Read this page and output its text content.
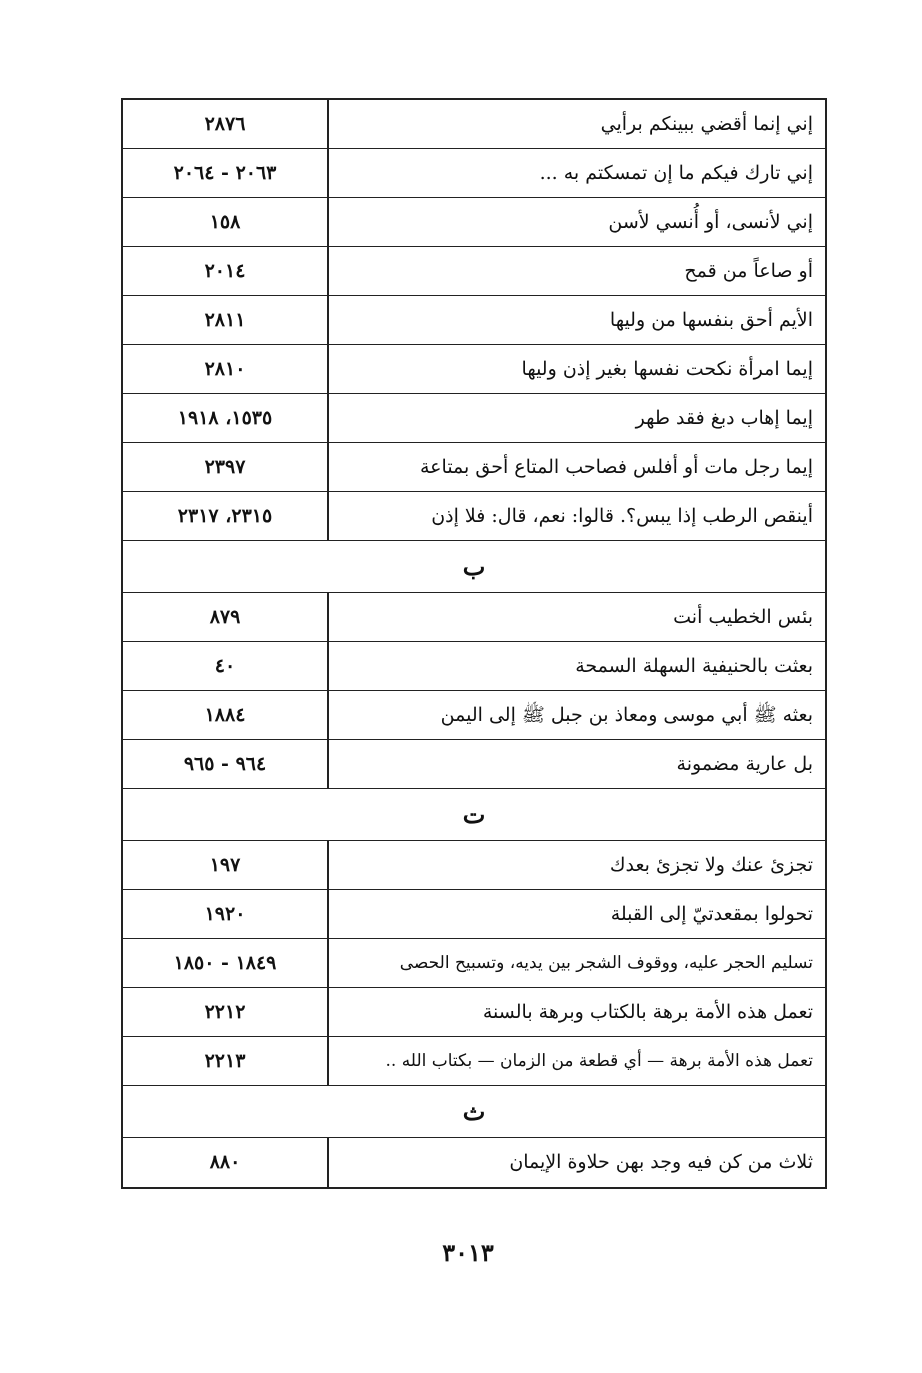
إني إنما أقضي ببينكم برأيي
٢٨٧٦
إني تارك فيكم ما إن تمسكتم به ...
٢٠٦٣ - ٢٠٦٤
إني لأنسى، أو أُنسي لأسن
١٥٨
أو صاعاً من قمح
٢٠١٤
الأيم أحق بنفسها من وليها
٢٨١١
إيما امرأة نكحت نفسها بغير إذن وليها
٢٨١٠
إيما إهاب دبغ فقد طهر
١٥٣٥، ١٩١٨
إيما رجل مات أو أفلس فصاحب المتاع أحق بمتاعة
٢٣٩٧
أينقص الرطب إذا يبس؟. قالوا: نعم، قال: فلا إذن
٢٣١٥، ٢٣١٧
ب
بئس الخطيب أنت
٨٧٩
بعثت بالحنيفية السهلة السمحة
٤٠
بعثه ﷺ أبي موسى ومعاذ بن جبل ﷺ إلى اليمن
١٨٨٤
بل عارية مضمونة
٩٦٤ - ٩٦٥
ت
تجزئ عنك ولا تجزئ بعدك
١٩٧
تحولوا بمقعدتيّ إلى القبلة
١٩٢٠
تسليم الحجر عليه، ووقوف الشجر بين يديه، وتسبيح الحصى
١٨٤٩ - ١٨٥٠
تعمل هذه الأمة برهة بالكتاب وبرهة بالسنة
٢٢١٢
تعمل هذه الأمة برهة — أي قطعة من الزمان — بكتاب الله ..
٢٢١٣
ث
ثلاث من كن فيه وجد بهن حلاوة الإيمان
٨٨٠
٣٠١٣
